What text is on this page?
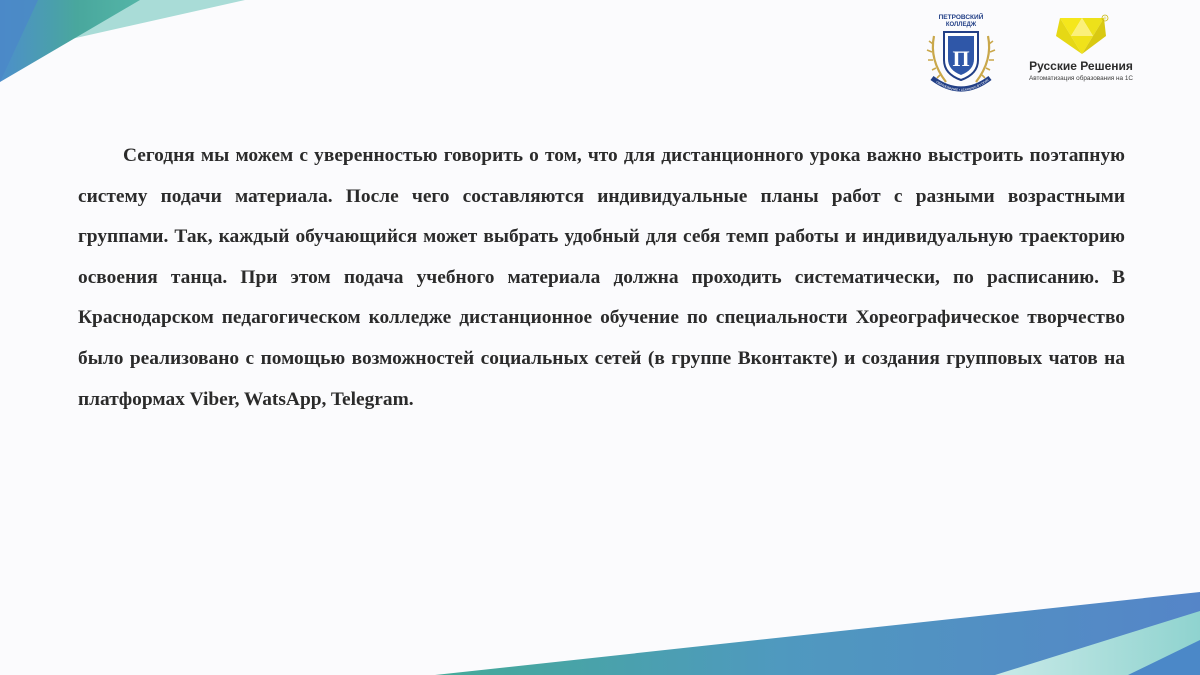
ПЕТРОВСКИЙ
КОЛЛЕДЖ
П
ОБРАЗОВАНИЕ • LEARNING BY DOIN
®
Русские Решения
Автоматизация образования на 1С

Сегодня мы можем с уверенностью говорить о том, что для дистанционного урока важно выстроить поэтапную систему подачи материала. После чего составляются индивидуальные планы работ с разными возрастными группами. Так, каждый обучающийся может выбрать удобный для себя темп работы и индивидуальную траекторию освоения танца. При этом подача учебного материала должна проходить систематически, по расписанию. В Краснодарском педагогическом колледже дистанционное обучение по специальности Хореографическое творчество было реализовано с помощью возможностей социальных сетей (в группе Вконтакте) и создания групповых чатов на платформах Viber, WatsApp, Telegram.
